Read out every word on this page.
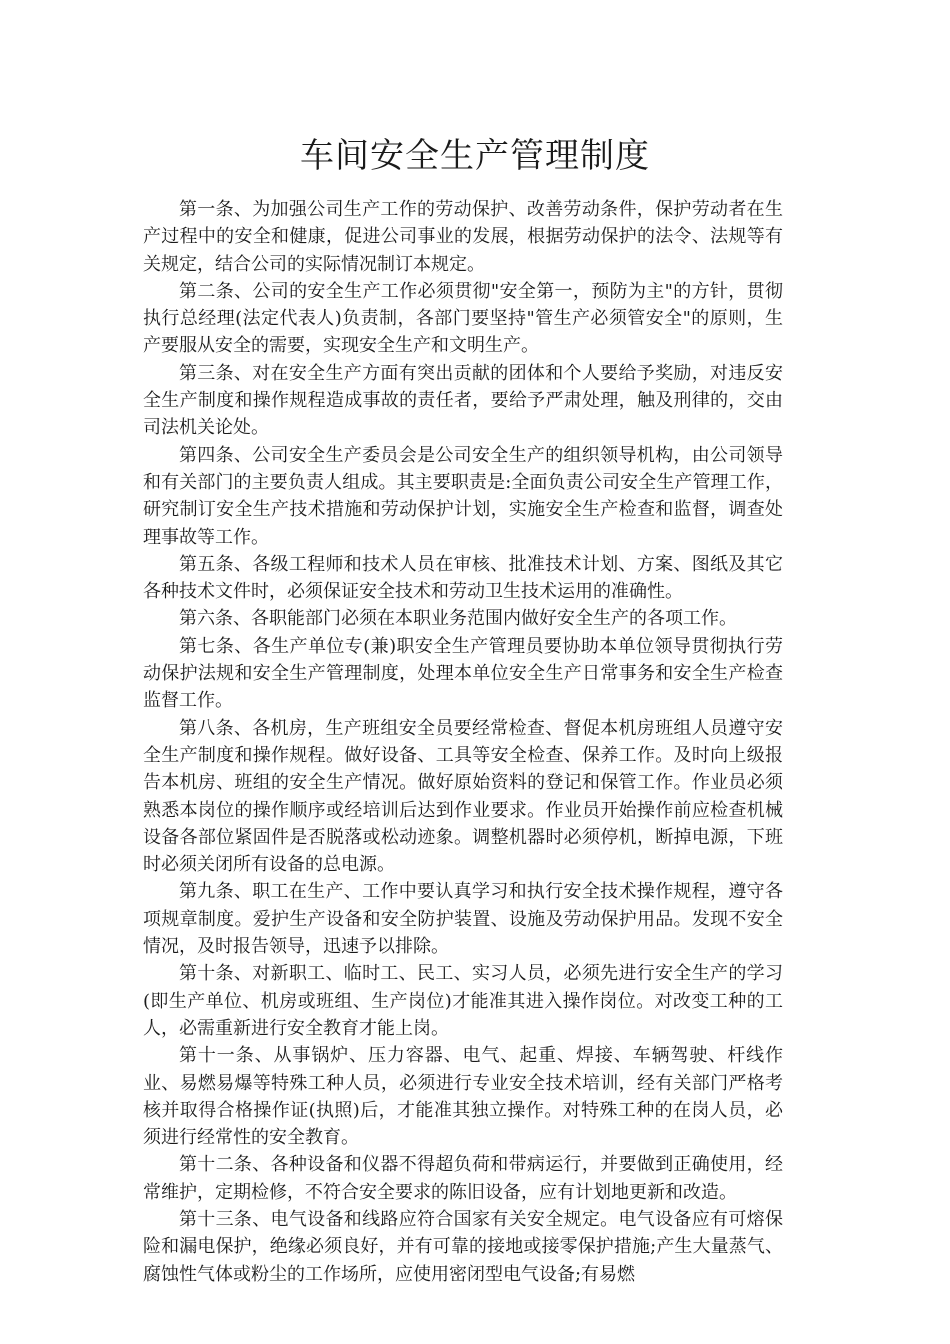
车间安全生产管理制度

第一条、为加强公司生产工作的劳动保护、改善劳动条件，保护劳动者在生产过程中的安全和健康，促进公司事业的发展，根据劳动保护的法令、法规等有关规定，结合公司的实际情况制订本规定。

第二条、公司的安全生产工作必须贯彻"安全第一，预防为主"的方针，贯彻执行总经理(法定代表人)负责制，各部门要坚持"管生产必须管安全"的原则，生产要服从安全的需要，实现安全生产和文明生产。

第三条、对在安全生产方面有突出贡献的团体和个人要给予奖励，对违反安全生产制度和操作规程造成事故的责任者，要给予严肃处理，触及刑律的，交由司法机关论处。

第四条、公司安全生产委员会是公司安全生产的组织领导机构，由公司领导和有关部门的主要负责人组成。其主要职责是:全面负责公司安全生产管理工作，研究制订安全生产技术措施和劳动保护计划，实施安全生产检查和监督，调查处理事故等工作。

第五条、各级工程师和技术人员在审核、批准技术计划、方案、图纸及其它各种技术文件时，必须保证安全技术和劳动卫生技术运用的准确性。

第六条、各职能部门必须在本职业务范围内做好安全生产的各项工作。

第七条、各生产单位专(兼)职安全生产管理员要协助本单位领导贯彻执行劳动保护法规和安全生产管理制度，处理本单位安全生产日常事务和安全生产检查监督工作。

第八条、各机房，生产班组安全员要经常检查、督促本机房班组人员遵守安全生产制度和操作规程。做好设备、工具等安全检查、保养工作。及时向上级报告本机房、班组的安全生产情况。做好原始资料的登记和保管工作。作业员必须熟悉本岗位的操作顺序或经培训后达到作业要求。作业员开始操作前应检查机械设备各部位紧固件是否脱落或松动迹象。调整机器时必须停机，断掉电源，下班时必须关闭所有设备的总电源。

第九条、职工在生产、工作中要认真学习和执行安全技术操作规程，遵守各项规章制度。爱护生产设备和安全防护装置、设施及劳动保护用品。发现不安全情况，及时报告领导，迅速予以排除。

第十条、对新职工、临时工、民工、实习人员，必须先进行安全生产的学习(即生产单位、机房或班组、生产岗位)才能准其进入操作岗位。对改变工种的工人，必需重新进行安全教育才能上岗。

第十一条、从事锅炉、压力容器、电气、起重、焊接、车辆驾驶、杆线作业、易燃易爆等特殊工种人员，必须进行专业安全技术培训，经有关部门严格考核并取得合格操作证(执照)后，才能准其独立操作。对特殊工种的在岗人员，必须进行经常性的安全教育。

第十二条、各种设备和仪器不得超负荷和带病运行，并要做到正确使用，经常维护，定期检修，不符合安全要求的陈旧设备，应有计划地更新和改造。

第十三条、电气设备和线路应符合国家有关安全规定。电气设备应有可熔保险和漏电保护，绝缘必须良好，并有可靠的接地或接零保护措施;产生大量蒸气、腐蚀性气体或粉尘的工作场所，应使用密闭型电气设备;有易燃
